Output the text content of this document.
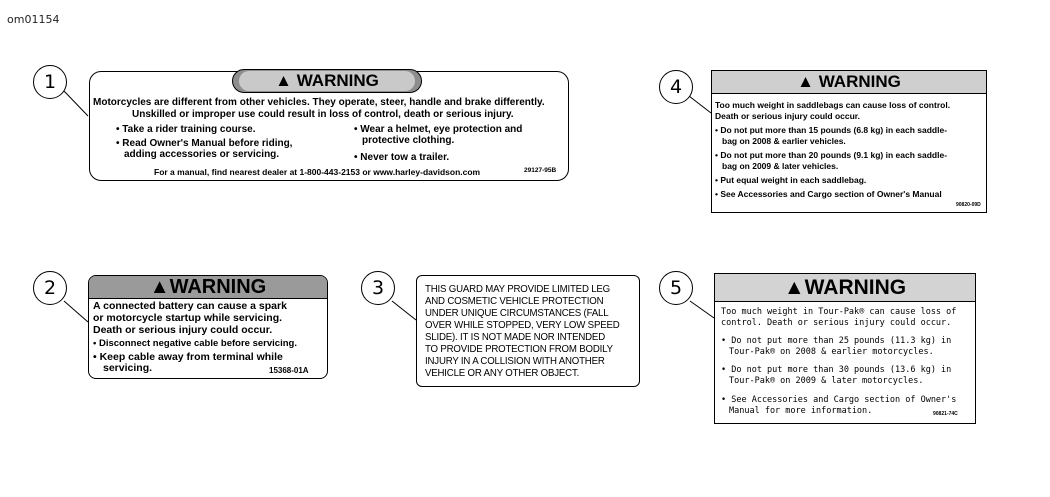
om01154
1
2	3
4
5
▲ WARNING
Motorcycles are different from other vehicles. They operate, steer, handle and brake differently.
Unskilled or improper use could result in loss of control, death or serious injury.
• Take a rider training course.
• Read Owner's Manual before riding,
adding accessories or servicing.
• Wear a helmet, eye protection and
protective clothing.
• Never tow a trailer.
For a manual, find nearest dealer at 1-800-443-2153 or www.harley-davidson.com	29127-95B
▲WARNING
A connected battery can cause a spark
or motorcycle startup while servicing.
Death or serious injury could occur.
• Disconnect negative cable before servicing.
• Keep cable away from terminal while
servicing.	15368-01A
THIS GUARD MAY PROVIDE LIMITED LEG
AND COSMETIC VEHICLE PROTECTION
UNDER UNIQUE CIRCUMSTANCES (FALL
OVER WHILE STOPPED, VERY LOW SPEED
SLIDE). IT IS NOT MADE NOR INTENDED
TO PROVIDE PROTECTION FROM BODILY
INJURY IN A COLLISION WITH ANOTHER
VEHICLE OR ANY OTHER OBJECT.
▲ WARNING
Too much weight in saddlebags can cause loss of control.
Death or serious injury could occur.
• Do not put more than 15 pounds (6.8 kg) in each saddle-
bag on 2008 & earlier vehicles.
• Do not put more than 20 pounds (9.1 kg) in each saddle-
bag on 2009 & later vehicles.
• Put equal weight in each saddlebag.
• See Accessories and Cargo section of Owner's Manual
90820-09D
▲WARNING
Too much weight in Tour-Pak® can cause loss of
control. Death or serious injury could occur.
• Do not put more than 25 pounds (11.3 kg) in
Tour-Pak® on 2008 & earlier motorcycles.
• Do not put more than 30 pounds (13.6 kg) in
Tour-Pak® on 2009 & later motorcycles.
• See Accessories and Cargo section of Owner's
Manual for more information.	90821-74C
